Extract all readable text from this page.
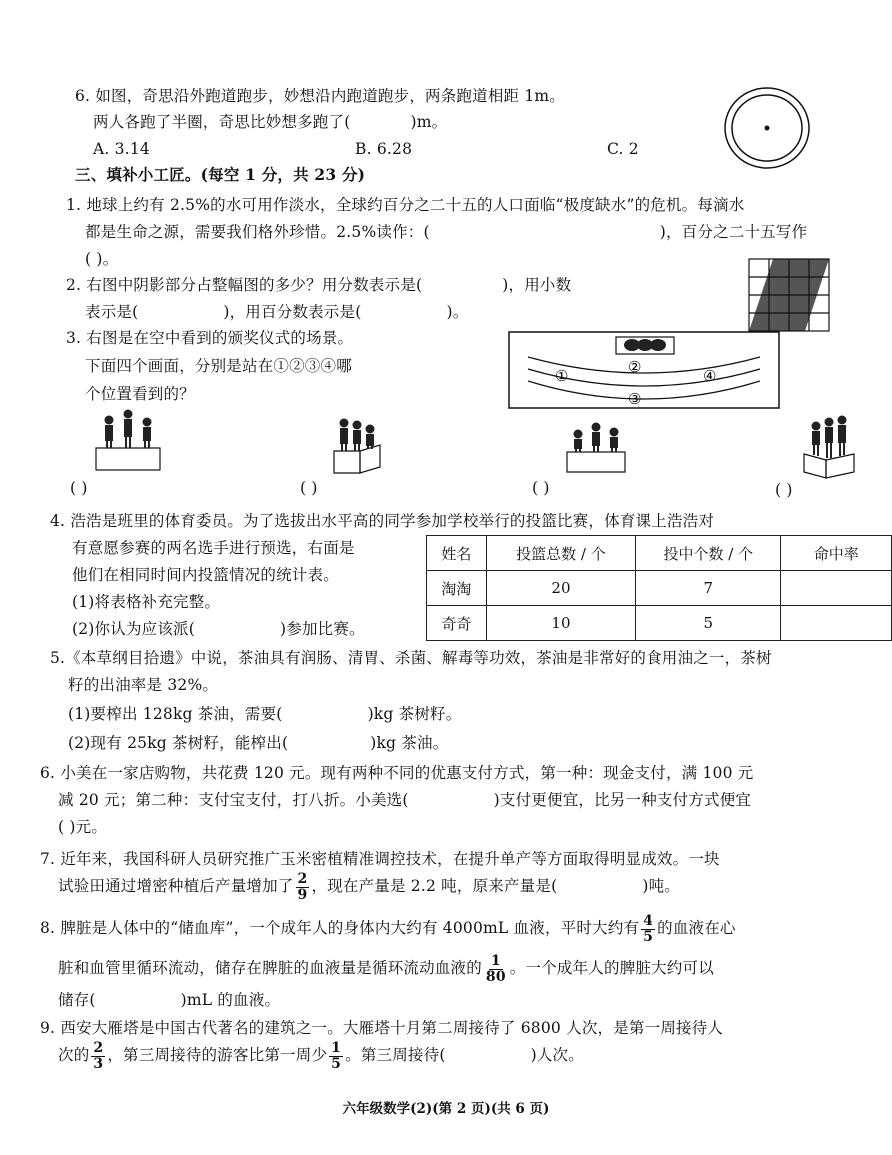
6. 如图，奇思沿外跑道跑步，妙想沿内跑道跑步，两条跑道相距 1m。
两人各跑了半圈，奇思比妙想多跑了(	)m。
A. 3.14	B. 6.28	C. 2
三、填补小工匠。(每空 1 分，共 23 分)
1. 地球上约有 2.5%的水可用作淡水，全球约百分之二十五的人口面临“极度缺水”的危机。每滴水
都是生命之源，需要我们格外珍惜。2.5%读作：(	)，百分之二十五写作
( )。
2. 右图中阴影部分占整幅图的多少？用分数表示是(	)，用小数
表示是(	)，用百分数表示是(	)。
3. 右图是在空中看到的颁奖仪式的场景。
下面四个画面，分别是站在①②③④哪
个位置看到的？
①	②
③
④
( )	( )	( )	( )
4. 浩浩是班里的体育委员。为了选拔出水平高的同学参加学校举行的投篮比赛，体育课上浩浩对
有意愿参赛的两名选手进行预选，右面是
他们在相同时间内投篮情况的统计表。
(1)将表格补充完整。
(2)你认为应该派(	)参加比赛。
姓名	投篮总数 / 个	投中个数 / 个	命中率
淘淘	20	7	
奇奇	10	5	
5.《本草纲目拾遗》中说，茶油具有润肠、清胃、杀菌、解毒等功效，茶油是非常好的食用油之一，茶树
籽的出油率是 32%。
(1)要榨出 128kg 茶油，需要(	)kg 茶树籽。
(2)现有 25kg 茶树籽，能榨出(	)kg 茶油。
6. 小美在一家店购物，共花费 120 元。现有两种不同的优惠支付方式，第一种：现金支付，满 100 元
减 20 元；第二种：支付宝支付，打八折。小美选(	)支付更便宜，比另一种支付方式便宜
( )元。
7. 近年来，我国科研人员研究推广玉米密植精准调控技术，在提升单产等方面取得明显成效。一块
试验田通过增密种植后产量增加了 $\frac{2}{9}$ ，现在产量是 2.2 吨，原来产量是(	)吨。
8. 脾脏是人体中的“储血库”，一个成年人的身体内大约有 4000mL 血液，平时大约有 $\frac{4}{5}$ 的血液在心
脏和血管里循环流动，储存在脾脏的血液量是循环流动血液的 $\frac{1}{80}$ 。一个成年人的脾脏大约可以
储存(	)mL 的血液。
9. 西安大雁塔是中国古代著名的建筑之一。大雁塔十月第二周接待了 6800 人次，是第一周接待人
次的 $\frac{2}{3}$ ，第三周接待的游客比第一周少 $\frac{1}{5}$ 。第三周接待(	)人次。
六年级数学(2)(第 2 页)(共 6 页)
